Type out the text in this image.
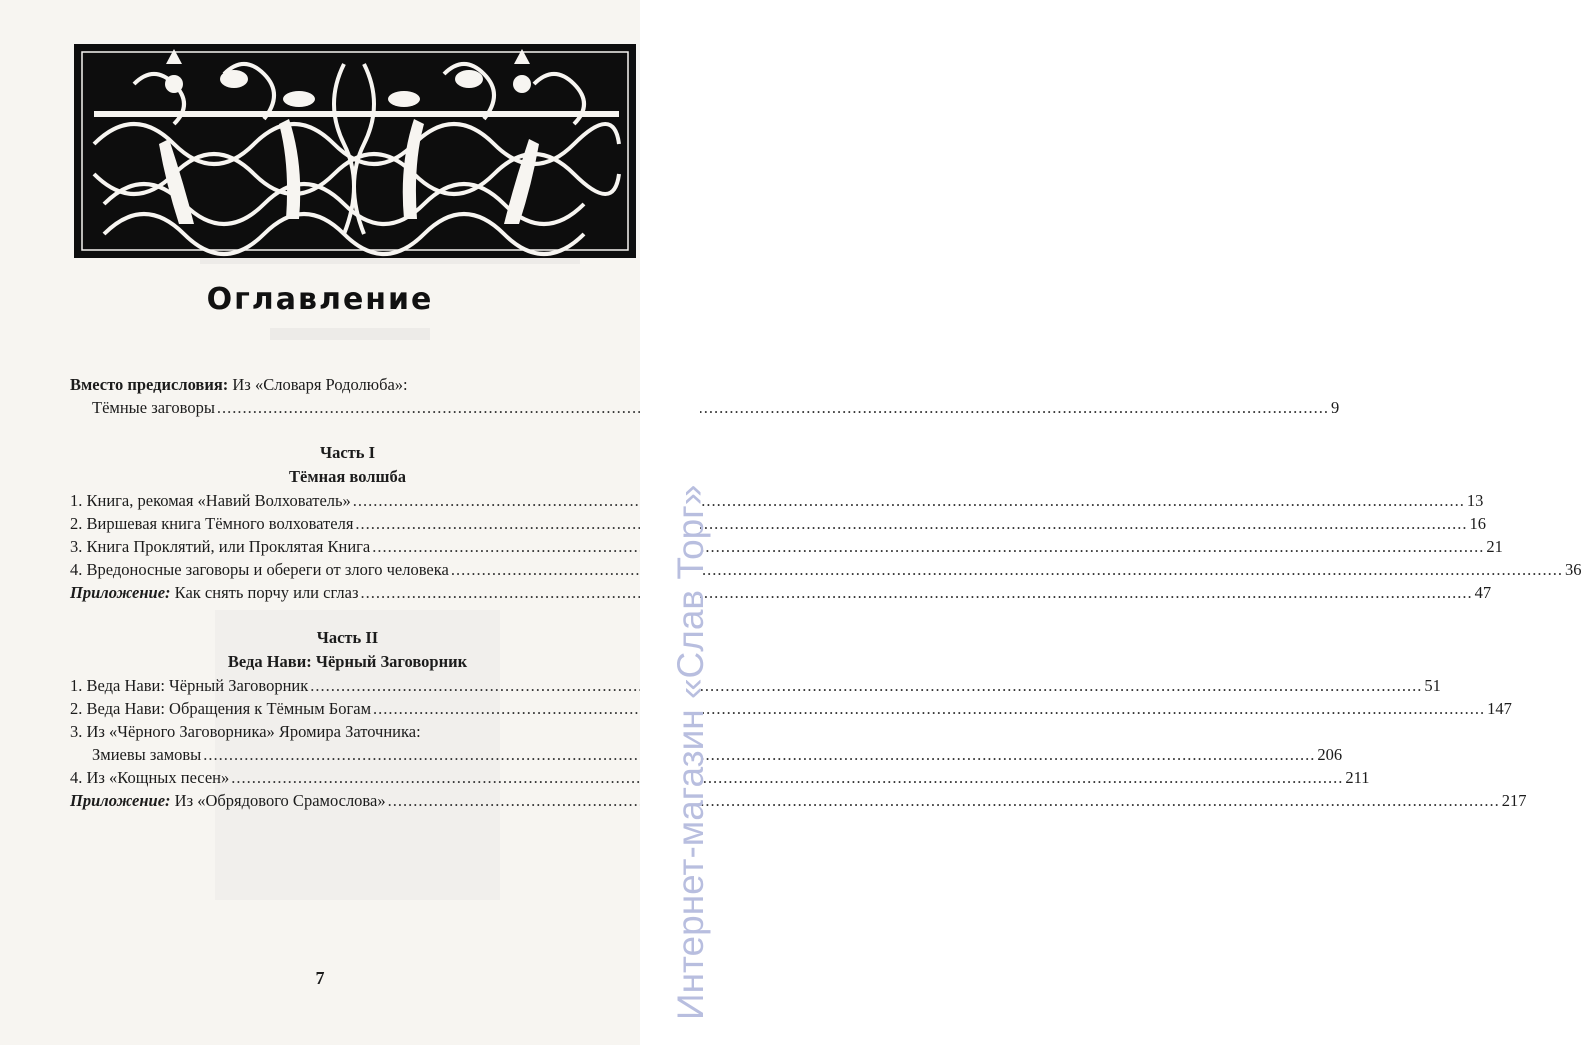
Оглавление
Вместо предисловия: Из «Словаря Родолюба»:
Тёмные заговоры .....	9
Часть I
Тёмная волшба
1. Книга, рекомая «Навий Волхователь» .....	13
2. Виршевая книга Тёмного волхователя .....	16
3. Книга Проклятий, или Проклятая Книга .....	21
4. Вредоносные заговоры и обереги от злого человека .....	36
Приложение: Как снять порчу или сглаз .....	47
Часть II
Веда Нави: Чёрный Заговорник
1. Веда Нави: Чёрный Заговорник .....	51
2. Веда Нави: Обращения к Тёмным Богам .....	147
3. Из «Чёрного Заговорника» Яромира Заточника:
Змиевы замовы .....	206
4. Из «Кощных песен» .....	211
Приложение: Из «Обрядового Срамослова» .....	217
7	Интернет-магазин «Слав Торг»
